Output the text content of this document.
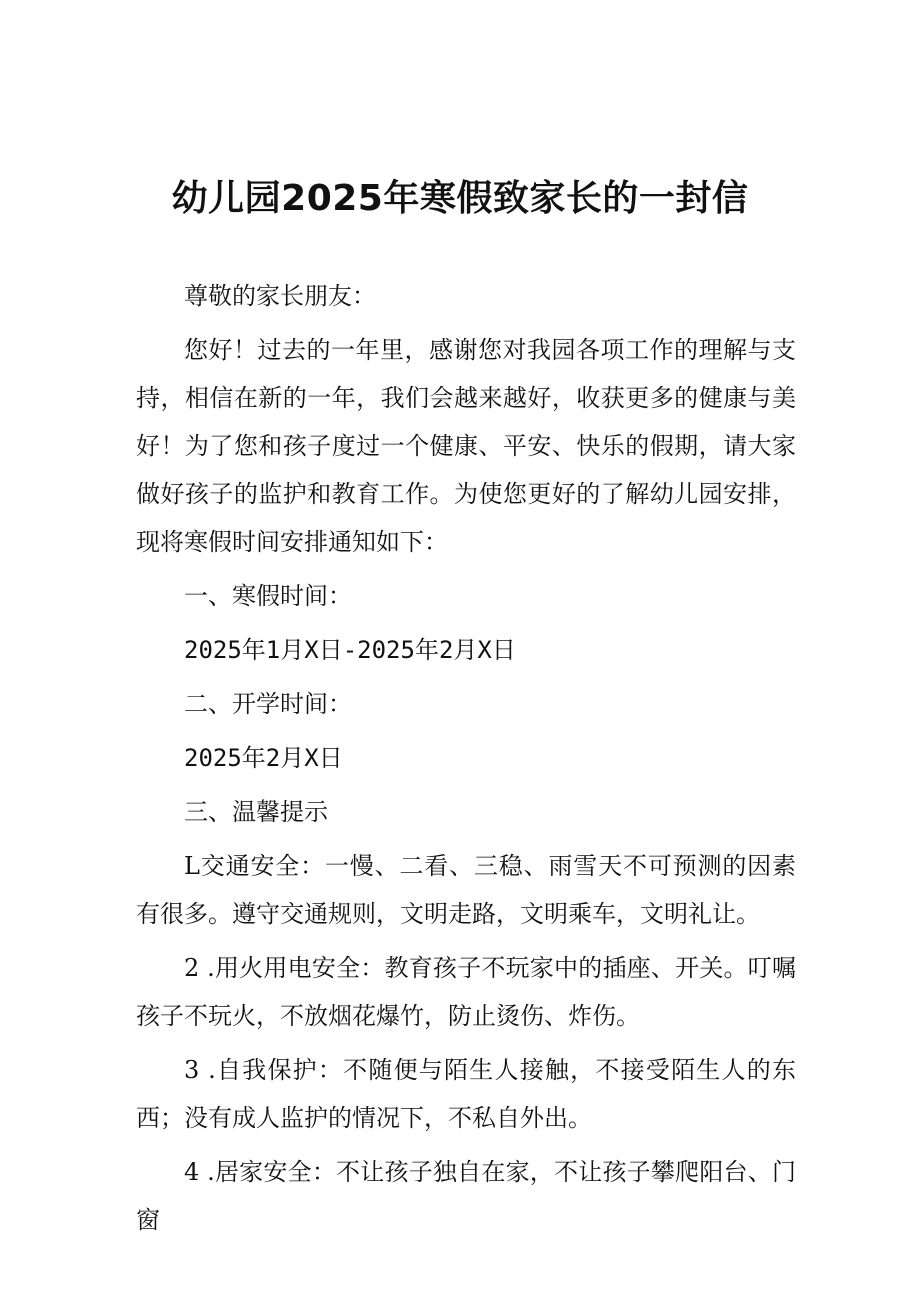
幼儿园2025年寒假致家长的一封信

尊敬的家长朋友：

您好！过去的一年里，感谢您对我园各项工作的理解与支持，相信在新的一年，我们会越来越好，收获更多的健康与美好！为了您和孩子度过一个健康、平安、快乐的假期，请大家做好孩子的监护和教育工作。为使您更好的了解幼儿园安排，现将寒假时间安排通知如下：

一、寒假时间：

2025年1月X日-2025年2月X日

二、开学时间：

2025年2月X日

三、温馨提示

L交通安全：一慢、二看、三稳、雨雪天不可预测的因素有很多。遵守交通规则，文明走路，文明乘车，文明礼让。

2 .用火用电安全：教育孩子不玩家中的插座、开关。叮嘱孩子不玩火，不放烟花爆竹，防止烫伤、炸伤。

3 .自我保护：不随便与陌生人接触，不接受陌生人的东西；没有成人监护的情况下，不私自外出。

4 .居家安全：不让孩子独自在家，不让孩子攀爬阳台、门窗
